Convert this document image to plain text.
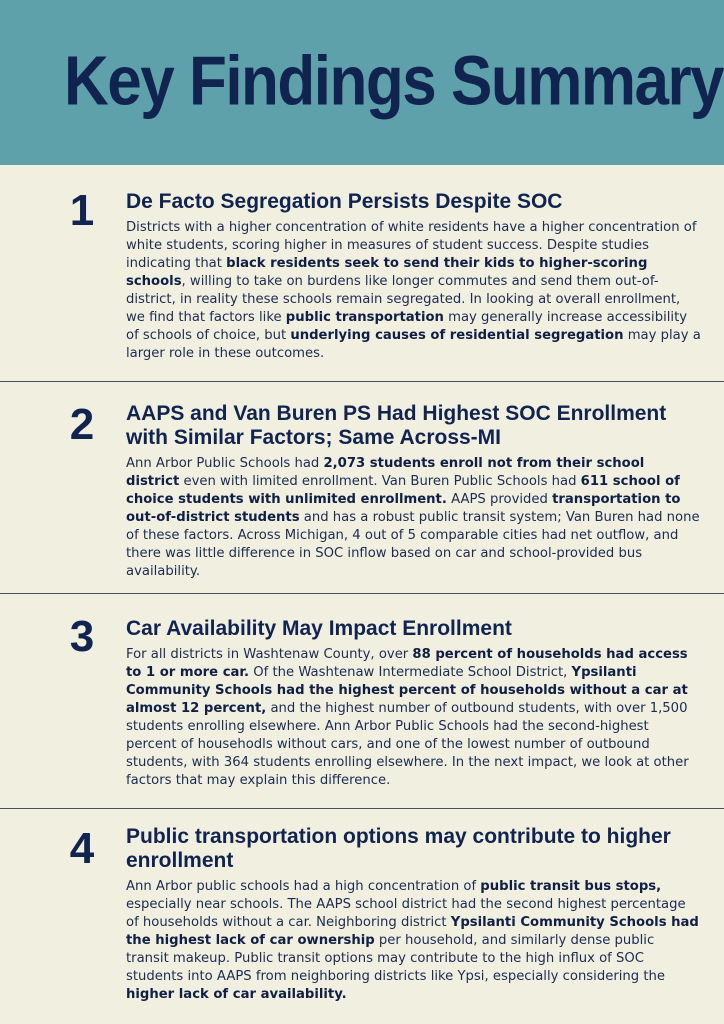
Key Findings Summary
1 De Facto Segregation Persists Despite SOC

Districts with a higher concentration of white residents have a higher concentration of white students, scoring higher in measures of student success. Despite studies indicating that black residents seek to send their kids to higher-scoring schools, willing to take on burdens like longer commutes and send them out-of-district, in reality these schools remain segregated. In looking at overall enrollment, we find that factors like public transportation may generally increase accessibility of schools of choice, but underlying causes of residential segregation may play a larger role in these outcomes.

2 AAPS and Van Buren PS Had Highest SOC Enrollment with Similar Factors; Same Across-MI

Ann Arbor Public Schools had 2,073 students enroll not from their school district even with limited enrollment. Van Buren Public Schools had 611 school of choice students with unlimited enrollment. AAPS provided transportation to out-of-district students and has a robust public transit system; Van Buren had none of these factors. Across Michigan, 4 out of 5 comparable cities had net outflow, and there was little difference in SOC inflow based on car and school-provided bus availability.

3 Car Availability May Impact Enrollment

For all districts in Washtenaw County, over 88 percent of households had access to 1 or more car. Of the Washtenaw Intermediate School District, Ypsilanti Community Schools had the highest percent of households without a car at almost 12 percent, and the highest number of outbound students, with over 1,500 students enrolling elsewhere. Ann Arbor Public Schools had the second-highest percent of househodls without cars, and one of the lowest number of outbound students, with 364 students enrolling elsewhere. In the next impact, we look at other factors that may explain this difference.

4 Public transportation options may contribute to higher enrollment

Ann Arbor public schools had a high concentration of public transit bus stops, especially near schools. The AAPS school district had the second highest percentage of households without a car. Neighboring district Ypsilanti Community Schools had the highest lack of car ownership per household, and similarly dense public transit makeup. Public transit options may contribute to the high influx of SOC students into AAPS from neighboring districts like Ypsi, especially considering the higher lack of car availability.
